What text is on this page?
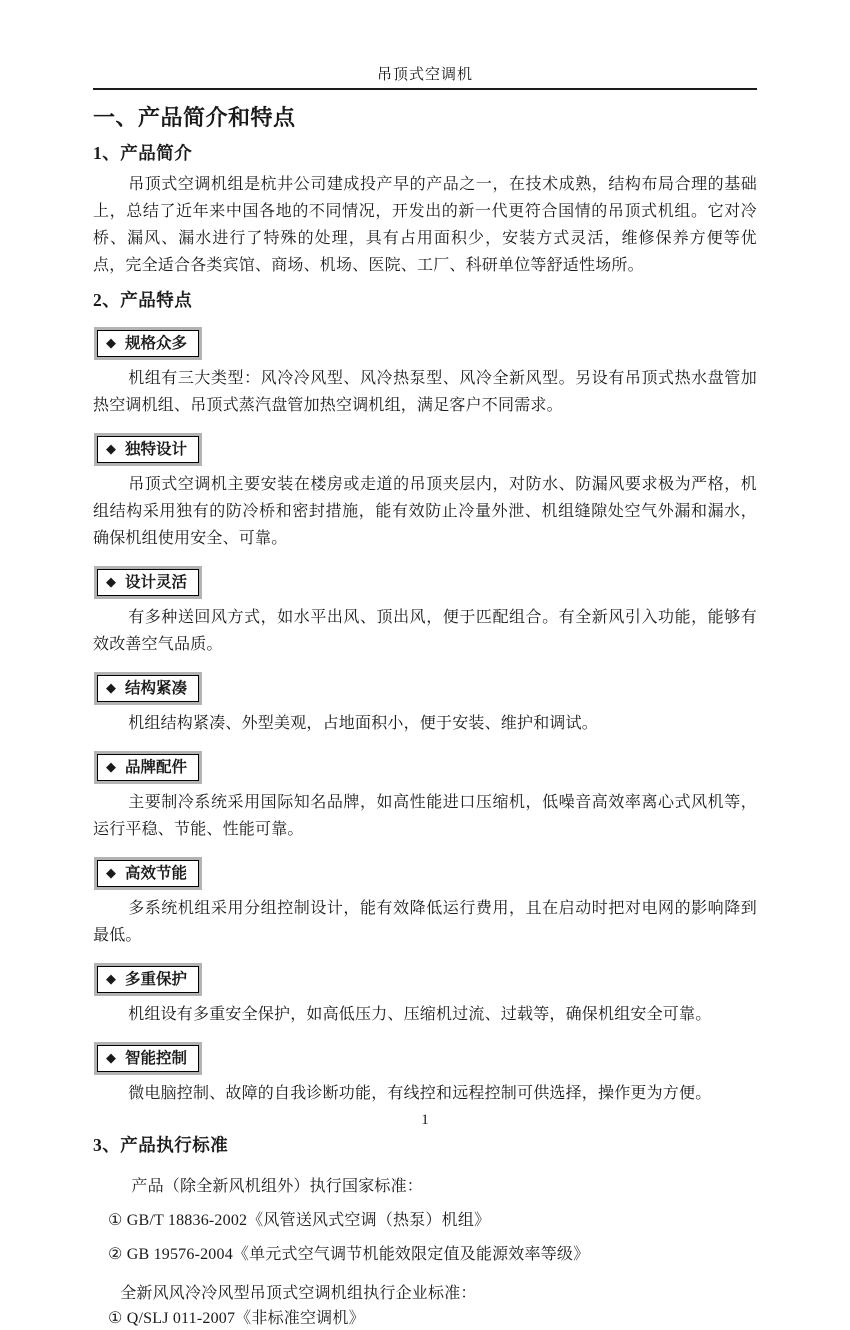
吊顶式空调机
一、产品简介和特点
1、产品简介

吊顶式空调机组是杭井公司建成投产早的产品之一，在技术成熟，结构布局合理的基础上，总结了近年来中国各地的不同情况，开发出的新一代更符合国情的吊顶式机组。它对冷桥、漏风、漏水进行了特殊的处理，具有占用面积少，安装方式灵活，维修保养方便等优点，完全适合各类宾馆、商场、机场、医院、工厂、科研单位等舒适性场所。

2、产品特点
◆ 规格众多

机组有三大类型：风冷冷风型、风冷热泵型、风冷全新风型。另设有吊顶式热水盘管加热空调机组、吊顶式蒸汽盘管加热空调机组，满足客户不同需求。

◆ 独特设计

吊顶式空调机主要安装在楼房或走道的吊顶夹层内，对防水、防漏风要求极为严格，机组结构采用独有的防冷桥和密封措施，能有效防止冷量外泄、机组缝隙处空气外漏和漏水，确保机组使用安全、可靠。

◆ 设计灵活

有多种送回风方式，如水平出风、顶出风，便于匹配组合。有全新风引入功能，能够有效改善空气品质。

◆ 结构紧凑

机组结构紧凑、外型美观，占地面积小，便于安装、维护和调试。

◆ 品牌配件

主要制冷系统采用国际知名品牌，如高性能进口压缩机，低噪音高效率离心式风机等，运行平稳、节能、性能可靠。

◆ 高效节能

多系统机组采用分组控制设计，能有效降低运行费用，且在启动时把对电网的影响降到最低。

◆ 多重保护

机组设有多重安全保护，如高低压力、压缩机过流、过载等，确保机组安全可靠。

◆ 智能控制

微电脑控制、故障的自我诊断功能，有线控和远程控制可供选择，操作更为方便。

3、产品执行标准
产品（除全新风机组外）执行国家标准：
① GB/T 18836-2002《风管送风式空调（热泵）机组》
② GB 19576-2004《单元式空气调节机能效限定值及能源效率等级》
全新风风冷冷风型吊顶式空调机组执行企业标准：
① Q/SLJ 011-2007《非标准空调机》
1
